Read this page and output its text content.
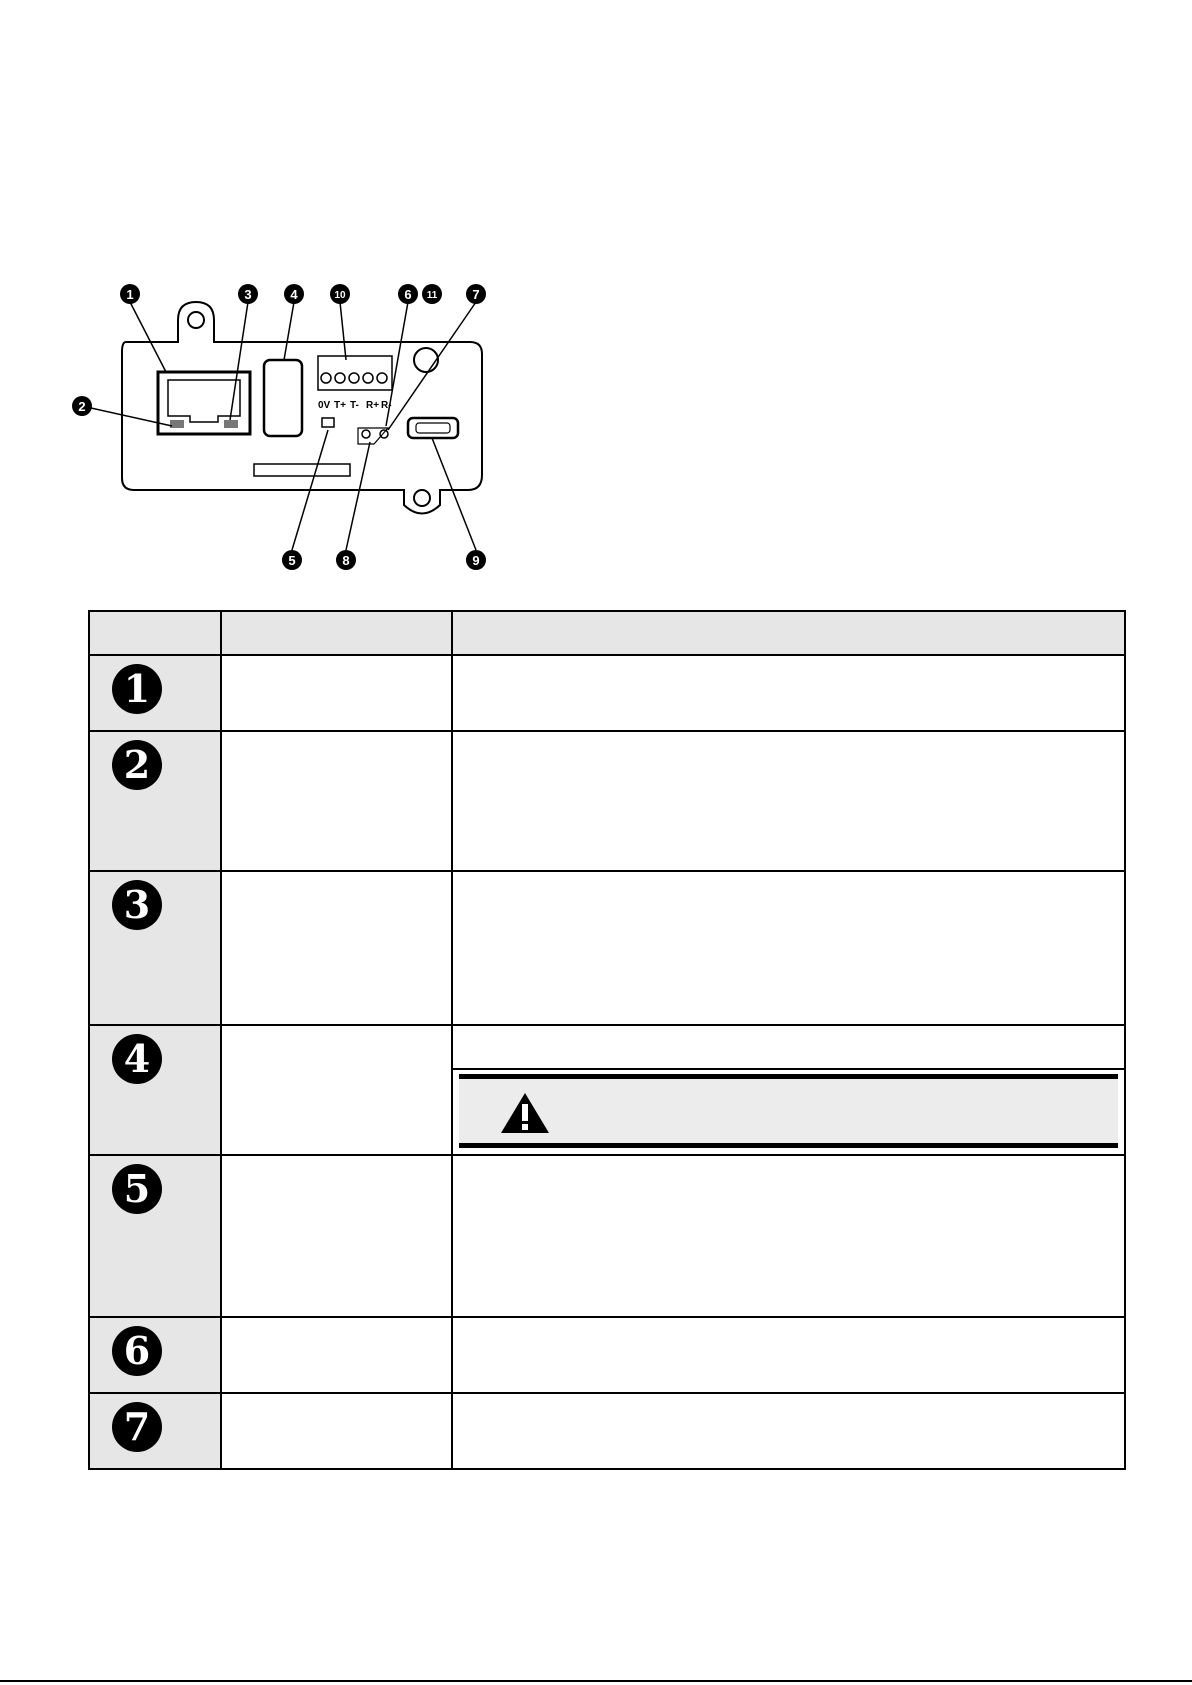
0V T+ T- R+ R-
1	3	4	10	6 11	7
2
5	8	9

1		

2		

3		

4		

5		

6		

7		
